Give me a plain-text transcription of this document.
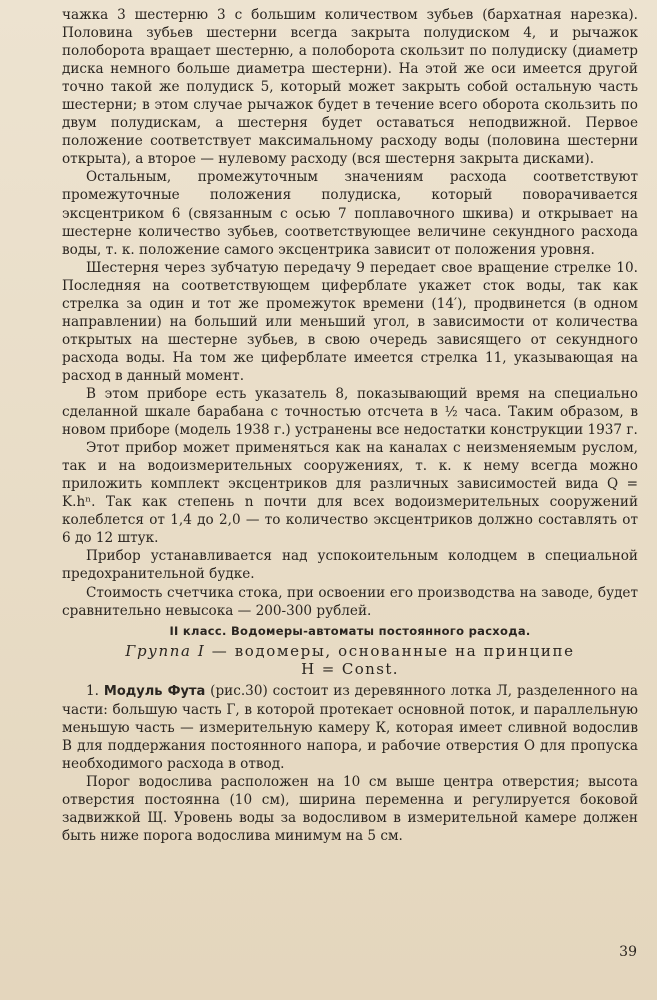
чажка 3 шестерню 3 с большим количеством зубьев (бархатная нарезка). Половина зубьев шестерни всегда закрыта полудиском 4, и рычажок полоборота вращает шестерню, а полоборота скользит по полудиску (диаметр диска немного больше диаметра шестерни). На этой же оси имеется другой точно такой же полудиск 5, который может закрыть собой остальную часть шестерни; в этом случае рычажок будет в течение всего оборота скользить по двум полудискам, а шестерня будет оставаться неподвижной. Первое положение соответствует максимальному расходу воды (половина шестерни открыта), а второе — нулевому расходу (вся шестерня закрыта дисками).

Остальным, промежуточным значениям расхода соответствуют промежуточные положения полудиска, который поворачивается эксцентриком 6 (связанным с осью 7 поплавочного шкива) и открывает на шестерне количество зубьев, соответствующее величине секундного расхода воды, т. к. положение самого эксцентрика зависит от положения уровня.

Шестерня через зубчатую передачу 9 передает свое вращение стрелке 10. Последняя на соответствующем циферблате укажет сток воды, так как стрелка за один и тот же промежуток времени (14′), продвинется (в одном направлении) на больший или меньший угол, в зависимости от количества открытых на шестерне зубьев, в свою очередь зависящего от секундного расхода воды. На том же циферблате имеется стрелка 11, указывающая на расход в данный момент.

В этом приборе есть указатель 8, показывающий время на специально сделанной шкале барабана с точностью отсчета в ½ часа. Таким образом, в новом приборе (модель 1938 г.) устранены все недостатки конструкции 1937 г.

Этот прибор может применяться как на каналах с неизменяемым руслом, так и на водоизмерительных сооружениях, т. к. к нему всегда можно приложить комплект эксцентриков для различных зависимостей вида Q = K.hⁿ. Так как степень n почти для всех водоизмерительных сооружений колеблется от 1,4 до 2,0 — то количество эксцентриков должно составлять от 6 до 12 штук.

Прибор устанавливается над успокоительным колодцем в специальной предохранительной будке.

Стоимость счетчика стока, при освоении его производства на заводе, будет сравнительно невысока — 200-300 рублей.

II класс. Водомеры-автоматы постоянного расхода.

Группа I — водомеры, основанные на принципе

H = Const.

1. Модуль Фута (рис.30) состоит из деревянного лотка Л, разделенного на части: большую часть Г, в которой протекает основной поток, и параллельную меньшую часть — измерительную камеру К, которая имеет сливной водослив В для поддержания постоянного напора, и рабочие отверстия О для пропуска необходимого расхода в отвод.

Порог водослива расположен на 10 см выше центра отверстия; высота отверстия постоянна (10 см), ширина переменна и регулируется боковой задвижкой Щ. Уровень воды за водосливом в измерительной камере должен быть ниже порога водослива минимум на 5 см.

39
